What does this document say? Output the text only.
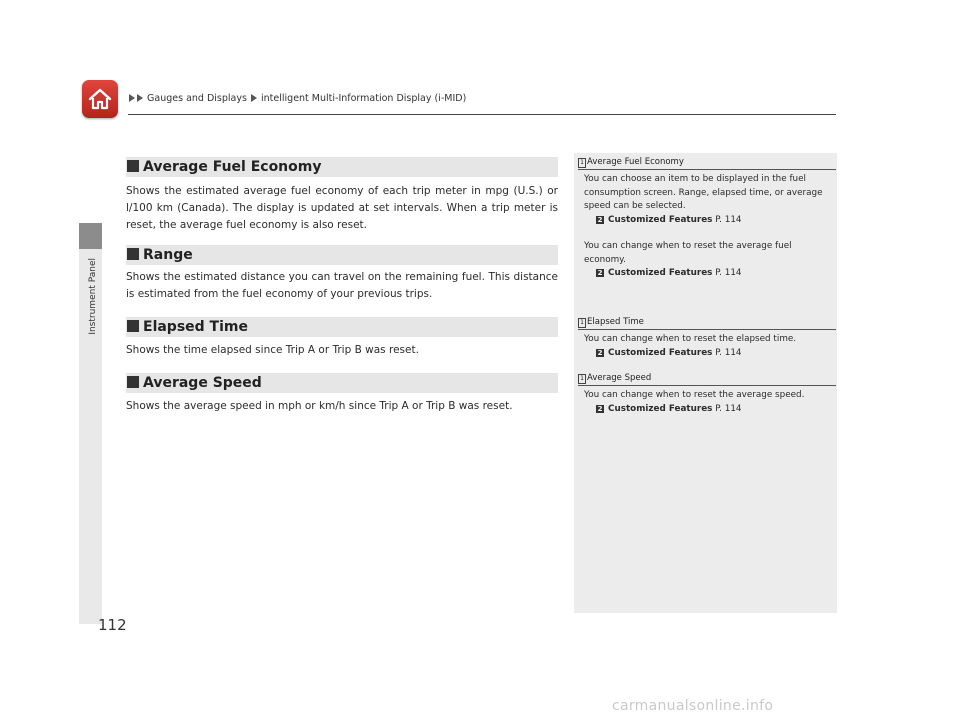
Gauges and Displays intelligent Multi-Information Display (i-MID)
Instrument Panel
Average Fuel Economy
Shows the estimated average fuel economy of each trip meter in mpg (U.S.) or l/100 km (Canada). The display is updated at set intervals. When a trip meter is reset, the average fuel economy is also reset.
Range
Shows the estimated distance you can travel on the remaining fuel. This distance is estimated from the fuel economy of your previous trips.
Elapsed Time
Shows the time elapsed since Trip A or Trip B was reset.
Average Speed
Shows the average speed in mph or km/h since Trip A or Trip B was reset.
1 Average Fuel Economy
You can choose an item to be displayed in the fuel consumption screen. Range, elapsed time, or average speed can be selected.
2 Customized Features P. 114
You can change when to reset the average fuel economy.
2 Customized Features P. 114
1 Elapsed Time
You can change when to reset the elapsed time.
2 Customized Features P. 114
1 Average Speed
You can change when to reset the average speed.
2 Customized Features P. 114
112
carmanualsonline.info
